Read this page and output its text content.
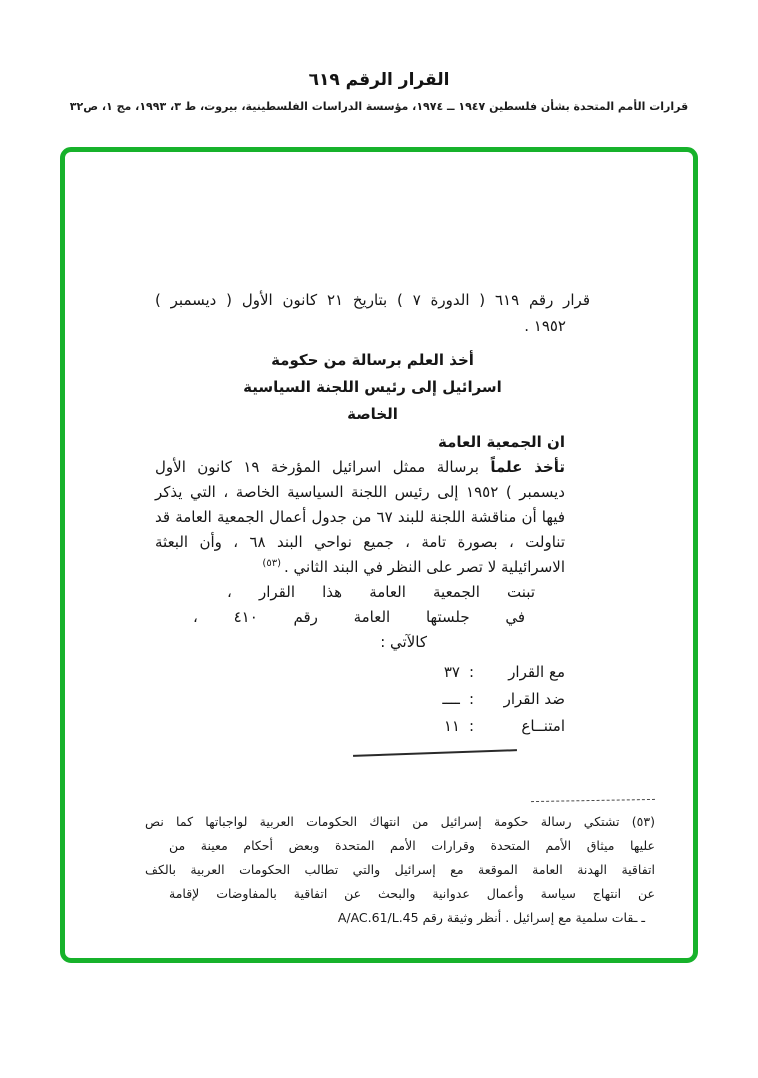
القرار الرقم ٦١٩
قرارات الأمم المتحدة بشأن فلسطين ١٩٤٧ ــ ١٩٧٤، مؤسسة الدراسات الفلسطينية، بيروت، ط ٣، ١٩٩٣، مج ١، ص٣٢
قرار رقم ٦١٩ ( الدورة ٧ ) بتاريخ ٢١ كانون الأول ( ديسمبر )
١٩٥٢ .
أخذ العلم برسالة من حكومة
اسرائيل إلى رئيس اللجنة السياسية
الخاصة
ان الجمعية العامة
تأخذ علماً برسالة ممثل اسرائيل المؤرخة ١٩ كانون الأول
ديسمبر ) ١٩٥٢ إلى رئيس اللجنة السياسية الخاصة ، التي يذكر
فيها أن مناقشة اللجنة للبند ٦٧ من جدول أعمال الجمعية العامة قد
تناولت ، بصورة تامة ، جميع نواحي البند ٦٨ ، وأن البعثة
الاسرائيلية لا تصر على النظر في البند الثاني .$^{(٥٣)}$
تبنت الجمعية العامة هذا القرار ،
في جلستها العامة رقم ٤١٠ ،
كالآتي :
مع القرار:٣٧
ضد القرار:ــــ
امتنــاع:١١
(٥٣) تشتكي رسالة حكومة إسرائيل من انتهاك الحكومات العربية لواجباتها كما نص
عليها ميثاق الأمم المتحدة وقرارات الأمم المتحدة وبعض أحكام معينة من
اتفاقية الهدنة العامة الموقعة مع إسرائيل والتي تطالب الحكومات العربية بالكف
عن انتهاج سياسة وأعمال عدوانية والبحث عن اتفاقية بالمفاوضات لإقامة
ـ ـقات سلمية مع إسرائيل . أنظر وثيقة رقم A/AC.61/L.45
